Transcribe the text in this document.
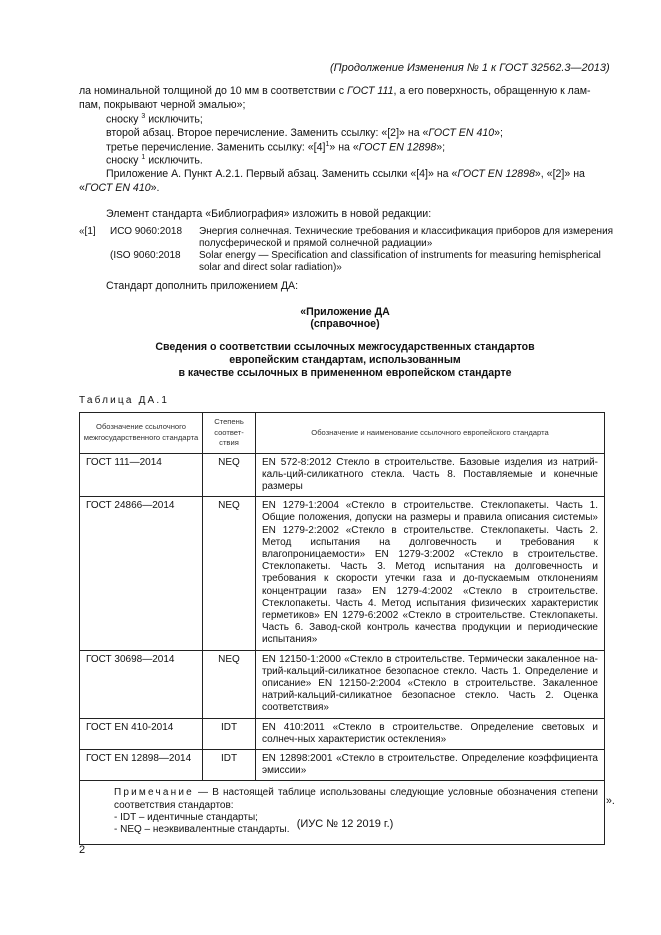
(Продолжение Изменения № 1 к ГОСТ 32562.3—2013)
ла номинальной толщиной до 10 мм в соответствии с ГОСТ 111, а его поверхность, обращенную к лам-
пам, покрывают черной эмалью»;
сноску $^3$ исключить;
второй абзац. Второе перечисление. Заменить ссылку: «[2]» на «ГОСТ EN 410»;
третье перечисление. Заменить ссылку: «$[4]^1$» на «ГОСТ EN 12898»;
сноску $^1$ исключить.
Приложение А. Пункт А.2.1. Первый абзац. Заменить ссылки «[4]» на «ГОСТ EN 12898», «[2]» на
«ГОСТ EN 410».
Элемент стандарта «Библиография» изложить в новой редакции:
«[1] ИСО 9060:2018 Энергия солнечная. Технические требования и классификация приборов для измерения
полусферической и прямой солнечной радиации»
(ISO 9060:2018 Solar energy — Specification and classification of instruments for measuring hemispherical
solar and direct solar radiation)»
Стандарт дополнить приложением ДА:
«Приложение ДА
(справочное)
Сведения о соответствии ссылочных межгосударственных стандартов
европейским стандартам, использованным
в качестве ссылочных в примененном европейском стандарте
Таблица ДА.1
Обозначение ссылочного межгосударственного стандарта	Степень соответ-ствия	Обозначение и наименование ссылочного европейского стандарта
ГОСТ 111—2014	NEQ	EN 572-8:2012 Стекло в строительстве. Базовые изделия из натрий-каль-ций-силикатного стекла. Часть 8. Поставляемые и конечные размеры
ГОСТ 24866—2014	NEQ	EN 1279-1:2004 «Стекло в строительстве. Стеклопакеты. Часть 1. Общие положения, допуски на размеры и правила описания системы» EN 1279-2:2002 «Стекло в строительстве. Стеклопакеты. Часть 2. Метод испытания на долговечность и требования к влагопроницаемости» EN 1279-3:2002 «Стекло в строительстве. Стеклопакеты. Часть 3. Метод испытания на долговечность и требования к скорости утечки газа и до-пускаемым отклонениям концентрации газа» EN 1279-4:2002 «Стекло в строительстве. Стеклопакеты. Часть 4. Метод испытания физических характеристик герметиков» EN 1279-6:2002 «Стекло в строительстве. Стеклопакеты. Часть 6. Завод-ской контроль качества продукции и периодические испытания»
ГОСТ 30698—2014	NEQ	EN 12150-1:2000 «Стекло в строительстве. Термически закаленное на-трий-кальций-силикатное безопасное стекло. Часть 1. Определение и описание» EN 12150-2:2004 «Стекло в строительстве. Закаленное натрий-кальций-силикатное безопасное стекло. Часть 2. Оценка соответствия»
ГОСТ EN 410-2014	IDT	EN 410:2011 «Стекло в строительстве. Определение световых и солнеч-ных характеристик остекления»
ГОСТ EN 12898—2014	IDT	EN 12898:2001 «Стекло в строительстве. Определение коэффициента эмиссии»

Примечание — В настоящей таблице использованы следующие условные обозначения степени соответствия стандартов:
- IDT – идентичные стандарты;
- NEQ – неэквивалентные стандарты.		
».
(ИУС № 12 2019 г.)
2
